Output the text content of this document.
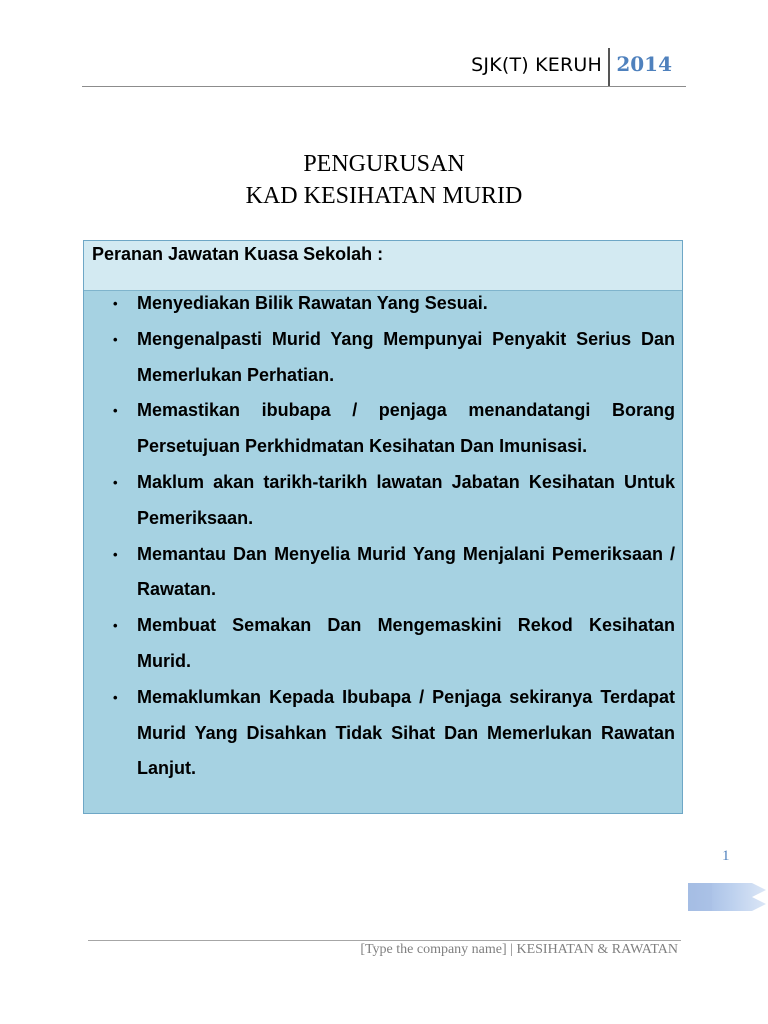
SJK(T) KERUH 2014
PENGURUSAN
KAD KESIHATAN MURID
Peranan Jawatan Kuasa Sekolah :
• Menyediakan Bilik Rawatan Yang Sesuai.
• Mengenalpasti Murid Yang Mempunyai Penyakit Serius Dan Memerlukan Perhatian.
• Memastikan ibubapa / penjaga menandatangi Borang Persetujuan Perkhidmatan Kesihatan Dan Imunisasi.
• Maklum akan tarikh-tarikh lawatan Jabatan Kesihatan Untuk Pemeriksaan.
• Memantau Dan Menyelia Murid Yang Menjalani Pemeriksaan / Rawatan.
• Membuat Semakan Dan Mengemaskini Rekod Kesihatan Murid.
• Memaklumkan Kepada Ibubapa / Penjaga sekiranya Terdapat Murid Yang Disahkan Tidak Sihat Dan Memerlukan Rawatan Lanjut.
1
[Type the company name] | KESIHATAN & RAWATAN
